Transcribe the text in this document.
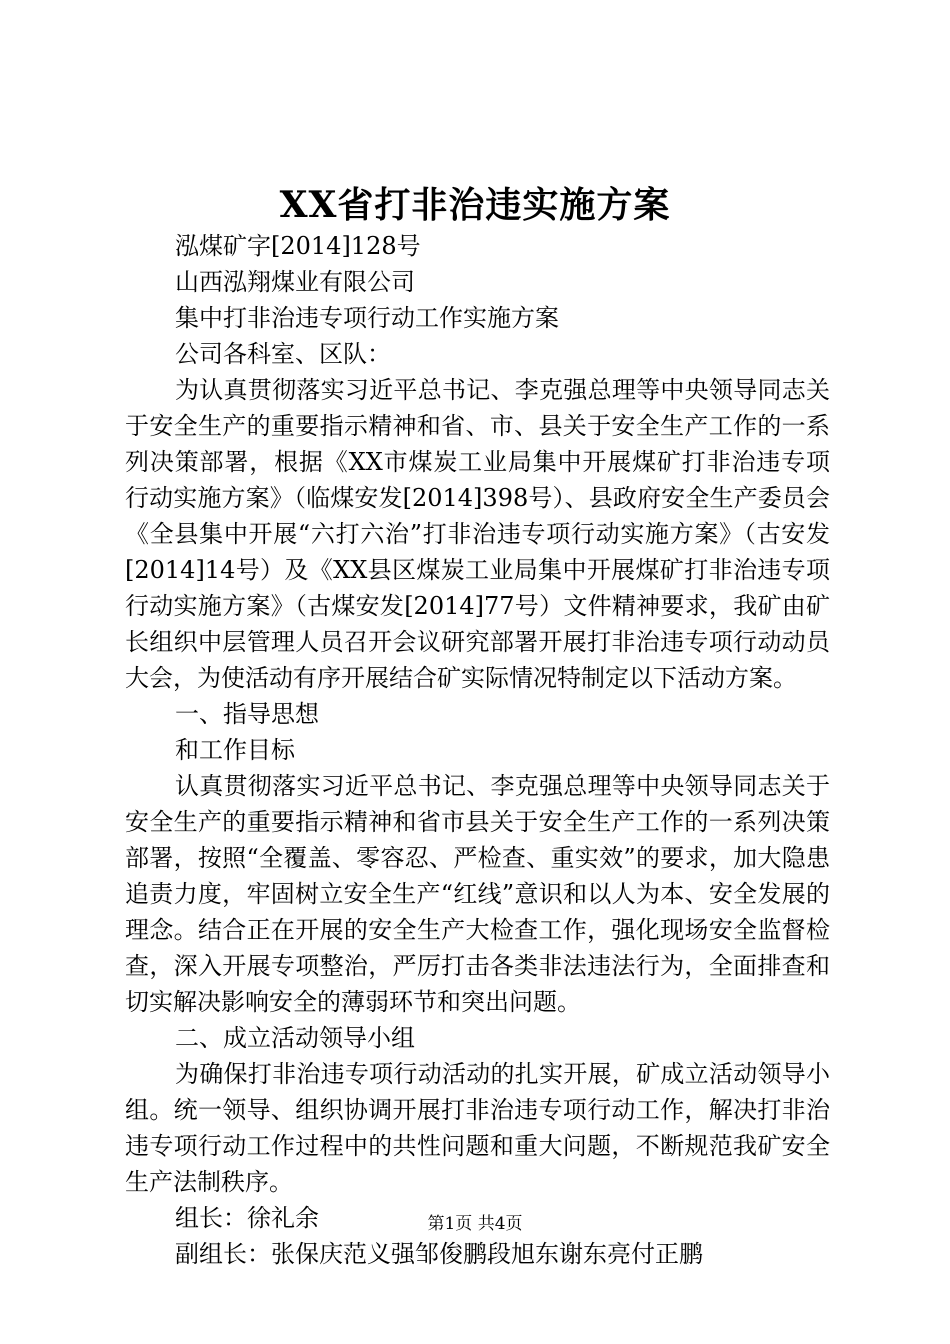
XX省打非治违实施方案
泓煤矿字[2014]128号
山西泓翔煤业有限公司
集中打非治违专项行动工作实施方案
公司各科室、区队：
为认真贯彻落实习近平总书记、李克强总理等中央领导同志关于安全生产的重要指示精神和省、市、县关于安全生产工作的一系列决策部署，根据《XX市煤炭工业局集中开展煤矿打非治违专项行动实施方案》（临煤安发[2014]398号）、县政府安全生产委员会《全县集中开展“六打六治”打非治违专项行动实施方案》（古安发[2014]14号）及《XX县区煤炭工业局集中开展煤矿打非治违专项行动实施方案》（古煤安发[2014]77号）文件精神要求，我矿由矿长组织中层管理人员召开会议研究部署开展打非治违专项行动动员大会，为使活动有序开展结合矿实际情况特制定以下活动方案。
一、指导思想
和工作目标
认真贯彻落实习近平总书记、李克强总理等中央领导同志关于安全生产的重要指示精神和省市县关于安全生产工作的一系列决策部署，按照“全覆盖、零容忍、严检查、重实效”的要求，加大隐患追责力度，牢固树立安全生产“红线”意识和以人为本、安全发展的理念。结合正在开展的安全生产大检查工作，强化现场安全监督检查，深入开展专项整治，严厉打击各类非法违法行为，全面排查和切实解决影响安全的薄弱环节和突出问题。
二、成立活动领导小组
为确保打非治违专项行动活动的扎实开展，矿成立活动领导小组。统一领导、组织协调开展打非治违专项行动工作，解决打非治违专项行动工作过程中的共性问题和重大问题，不断规范我矿安全生产法制秩序。
组长：徐礼余
副组长：张保庆范义强邹俊鹏段旭东谢东亮付正鹏
第1页 共4页
